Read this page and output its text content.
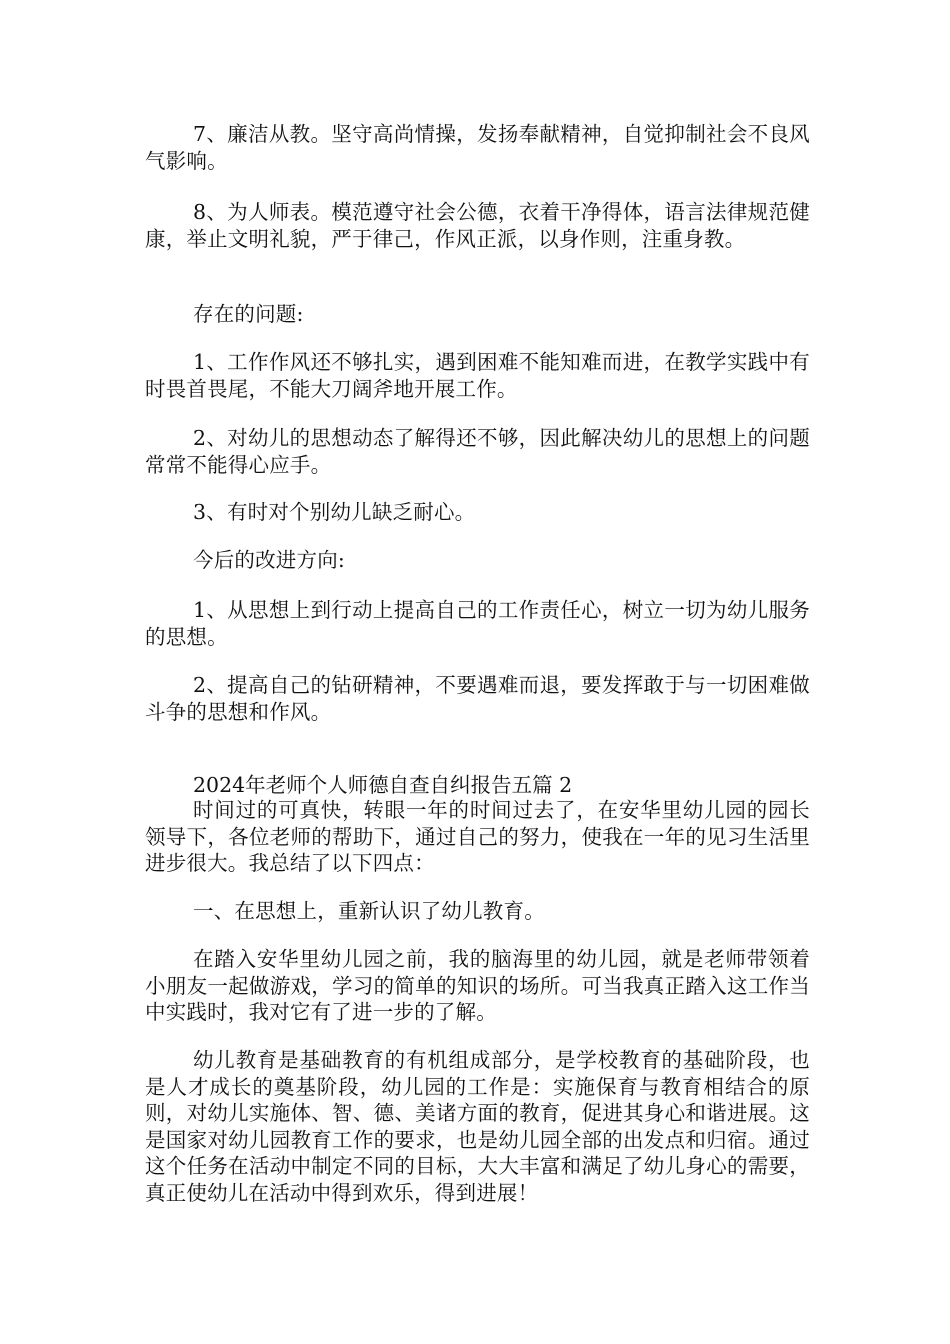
7、廉洁从教。坚守高尚情操，发扬奉献精神，自觉抑制社会不良风气影响。

8、为人师表。模范遵守社会公德，衣着干净得体，语言法律规范健康，举止文明礼貌，严于律己，作风正派，以身作则，注重身教。

存在的问题:

1、工作作风还不够扎实，遇到困难不能知难而进，在教学实践中有时畏首畏尾，不能大刀阔斧地开展工作。

2、对幼儿的思想动态了解得还不够，因此解决幼儿的思想上的问题常常不能得心应手。

3、有时对个别幼儿缺乏耐心。

今后的改进方向:

1、从思想上到行动上提高自己的工作责任心，树立一切为幼儿服务的思想。

2、提高自己的钻研精神，不要遇难而退，要发挥敢于与一切困难做斗争的思想和作风。

2024年老师个人师德自查自纠报告五篇 2

时间过的可真快，转眼一年的时间过去了，在安华里幼儿园的园长领导下，各位老师的帮助下，通过自己的努力，使我在一年的见习生活里进步很大。我总结了以下四点：

一、在思想上，重新认识了幼儿教育。

在踏入安华里幼儿园之前，我的脑海里的幼儿园，就是老师带领着小朋友一起做游戏，学习的简单的知识的场所。可当我真正踏入这工作当中实践时，我对它有了进一步的了解。

幼儿教育是基础教育的有机组成部分，是学校教育的基础阶段，也是人才成长的奠基阶段，幼儿园的工作是：实施保育与教育相结合的原则，对幼儿实施体、智、德、美诸方面的教育，促进其身心和谐进展。这是国家对幼儿园教育工作的要求，也是幼儿园全部的出发点和归宿。通过这个任务在活动中制定不同的目标，大大丰富和满足了幼儿身心的需要，真正使幼儿在活动中得到欢乐，得到进展！
